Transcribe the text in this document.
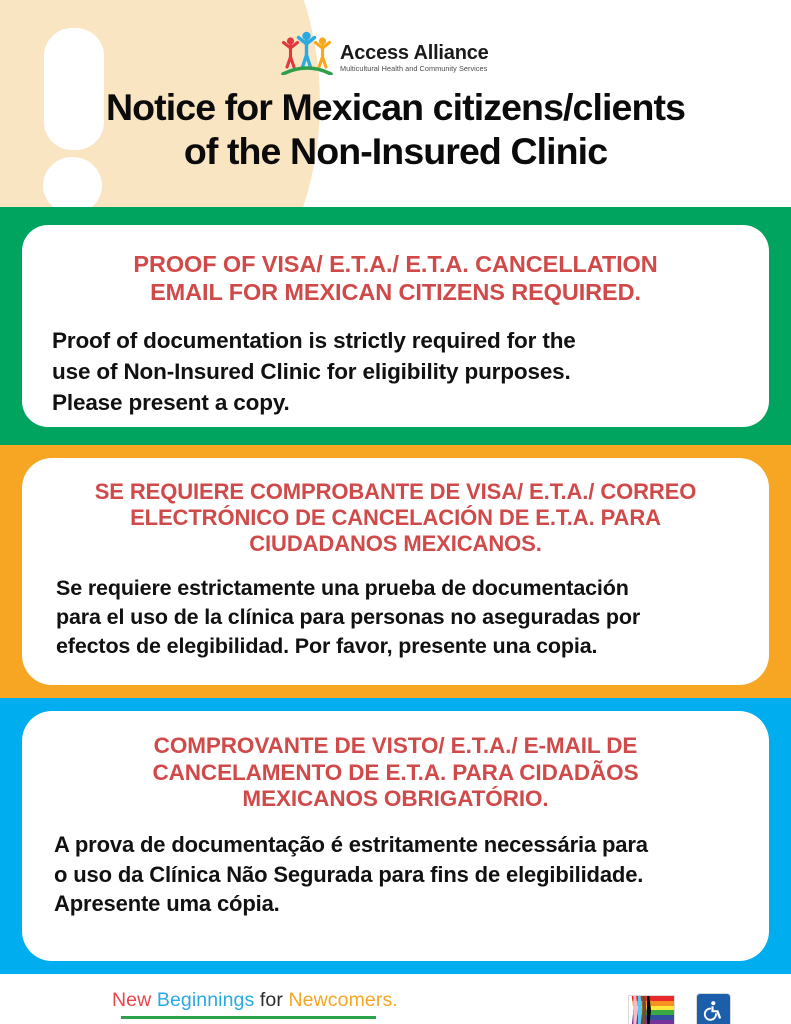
Access Alliance
Multicultural Health and Community Services
Notice for Mexican citizens/clients
of the Non-Insured Clinic
PROOF OF VISA/ E.T.A./ E.T.A. CANCELLATION
EMAIL FOR MEXICAN CITIZENS REQUIRED.
Proof of documentation is strictly required for the
use of Non-Insured Clinic for eligibility purposes.
Please present a copy.
SE REQUIERE COMPROBANTE DE VISA/ E.T.A./ CORREO
ELECTRÓNICO DE CANCELACIÓN DE E.T.A. PARA
CIUDADANOS MEXICANOS.
Se requiere estrictamente una prueba de documentación
para el uso de la clínica para personas no aseguradas por
efectos de elegibilidad. Por favor, presente una copia.
COMPROVANTE DE VISTO/ E.T.A./ E-MAIL DE
CANCELAMENTO DE E.T.A. PARA CIDADÃOS
MEXICANOS OBRIGATÓRIO.
A prova de documentação é estritamente necessária para
o uso da Clínica Não Segurada para fins de elegibilidade.
Apresente uma cópia.
New Beginnings for Newcomers.
